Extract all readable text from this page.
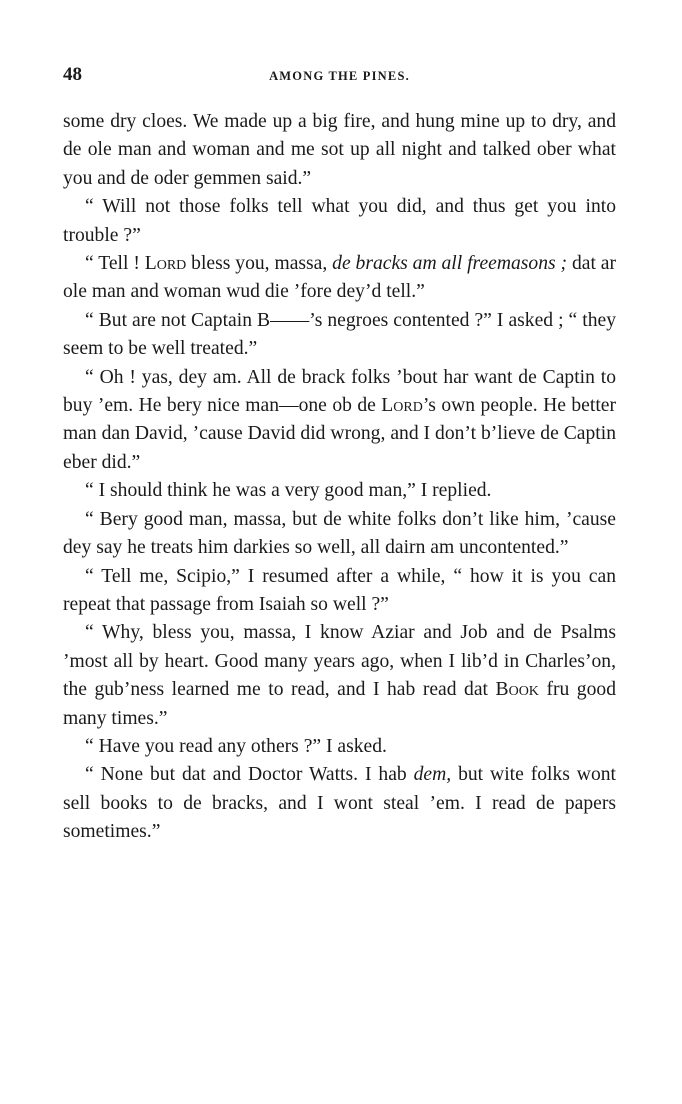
48	AMONG THE PINES.

some dry cloes. We made up a big fire, and hung mine up to dry, and de ole man and woman and me sot up all night and talked ober what you and de oder gemmen said.”

“ Will not those folks tell what you did, and thus get you into trouble ?”

“ Tell ! Lord bless you, massa, de bracks am all freemasons ; dat ar ole man and woman wud die ’fore dey’d tell.”

“ But are not Captain B——’s negroes contented ?” I asked ; “ they seem to be well treated.”

“ Oh ! yas, dey am. All de brack folks ’bout har want de Captin to buy ’em. He bery nice man—one ob de Lord’s own people. He better man dan David, ’cause David did wrong, and I don’t b’lieve de Captin eber did.”

“ I should think he was a very good man,” I replied.

“ Bery good man, massa, but de white folks don’t like him, ’cause dey say he treats him darkies so well, all dairn am uncontented.”

“ Tell me, Scipio,” I resumed after a while, “ how it is you can repeat that passage from Isaiah so well ?”

“ Why, bless you, massa, I know Aziar and Job and de Psalms ’most all by heart. Good many years ago, when I lib’d in Charles’on, the gub’ness learned me to read, and I hab read dat Book fru good many times.”

“ Have you read any others ?” I asked.

“ None but dat and Doctor Watts. I hab dem, but wite folks wont sell books to de bracks, and I wont steal ’em. I read de papers sometimes.”
